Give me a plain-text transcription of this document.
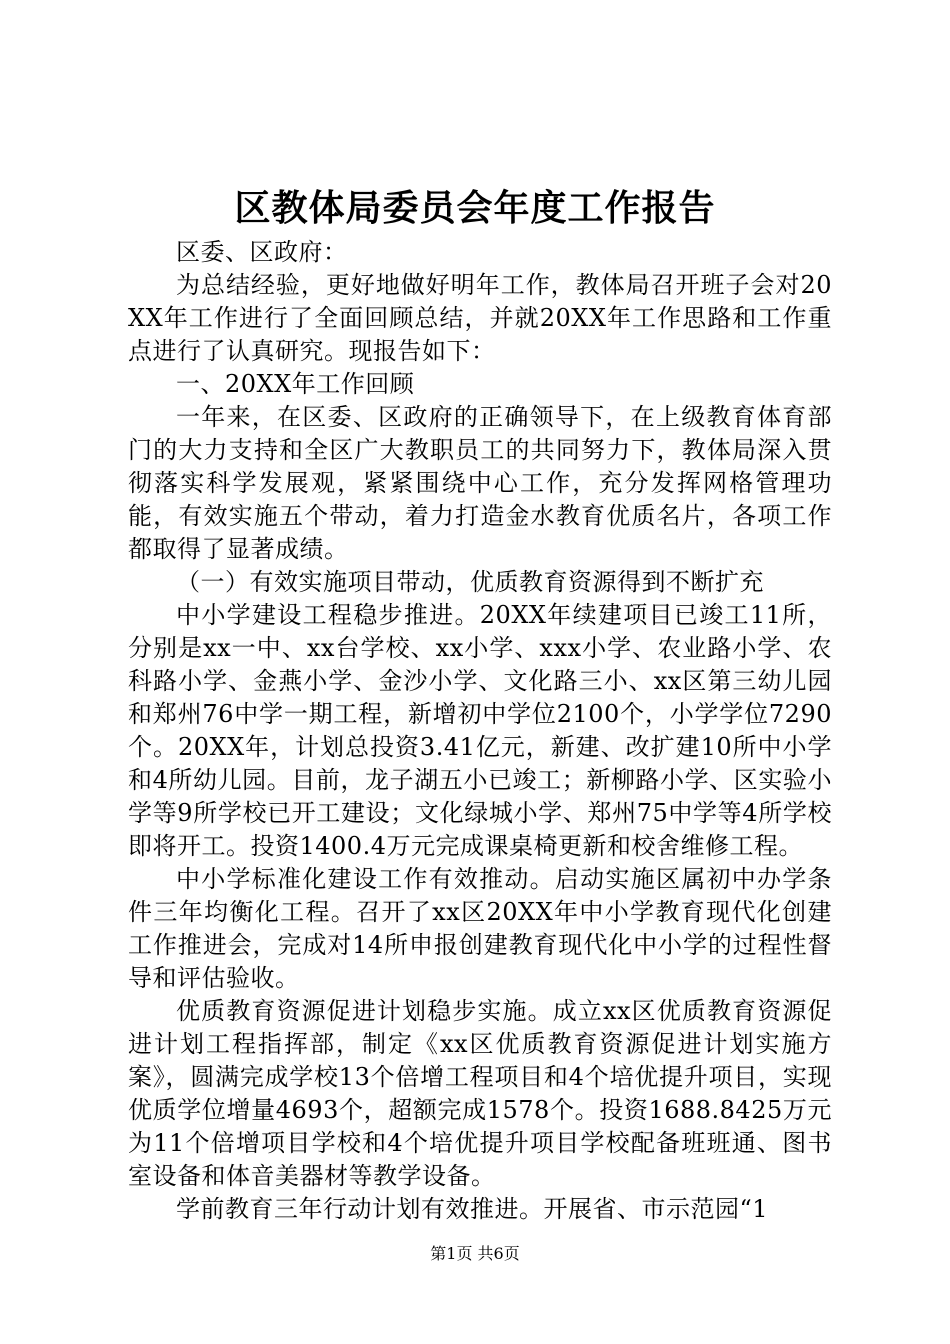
区教体局委员会年度工作报告

区委、区政府：

为总结经验，更好地做好明年工作，教体局召开班子会对20XX年工作进行了全面回顾总结，并就20XX年工作思路和工作重点进行了认真研究。现报告如下：

一、20XX年工作回顾

一年来，在区委、区政府的正确领导下，在上级教育体育部门的大力支持和全区广大教职员工的共同努力下，教体局深入贯彻落实科学发展观，紧紧围绕中心工作，充分发挥网格管理功能，有效实施五个带动，着力打造金水教育优质名片，各项工作都取得了显著成绩。

（一）有效实施项目带动，优质教育资源得到不断扩充

中小学建设工程稳步推进。20XX年续建项目已竣工11所，分别是xx一中、xx台学校、xx小学、xxx小学、农业路小学、农科路小学、金燕小学、金沙小学、文化路三小、xx区第三幼儿园和郑州76中学一期工程，新增初中学位2100个，小学学位7290个。20XX年，计划总投资3.41亿元，新建、改扩建10所中小学和4所幼儿园。目前，龙子湖五小已竣工；新柳路小学、区实验小学等9所学校已开工建设；文化绿城小学、郑州75中学等4所学校即将开工。投资1400.4万元完成课桌椅更新和校舍维修工程。

中小学标准化建设工作有效推动。启动实施区属初中办学条件三年均衡化工程。召开了xx区20XX年中小学教育现代化创建工作推进会，完成对14所申报创建教育现代化中小学的过程性督导和评估验收。

优质教育资源促进计划稳步实施。成立xx区优质教育资源促进计划工程指挥部，制定《xx区优质教育资源促进计划实施方案》，圆满完成学校13个倍增工程项目和4个培优提升项目，实现优质学位增量4693个，超额完成1578个。投资1688.8425万元为11个倍增项目学校和4个培优提升项目学校配备班班通、图书室设备和体音美器材等教学设备。

学前教育三年行动计划有效推进。开展省、市示范园“1

第1页 共6页
